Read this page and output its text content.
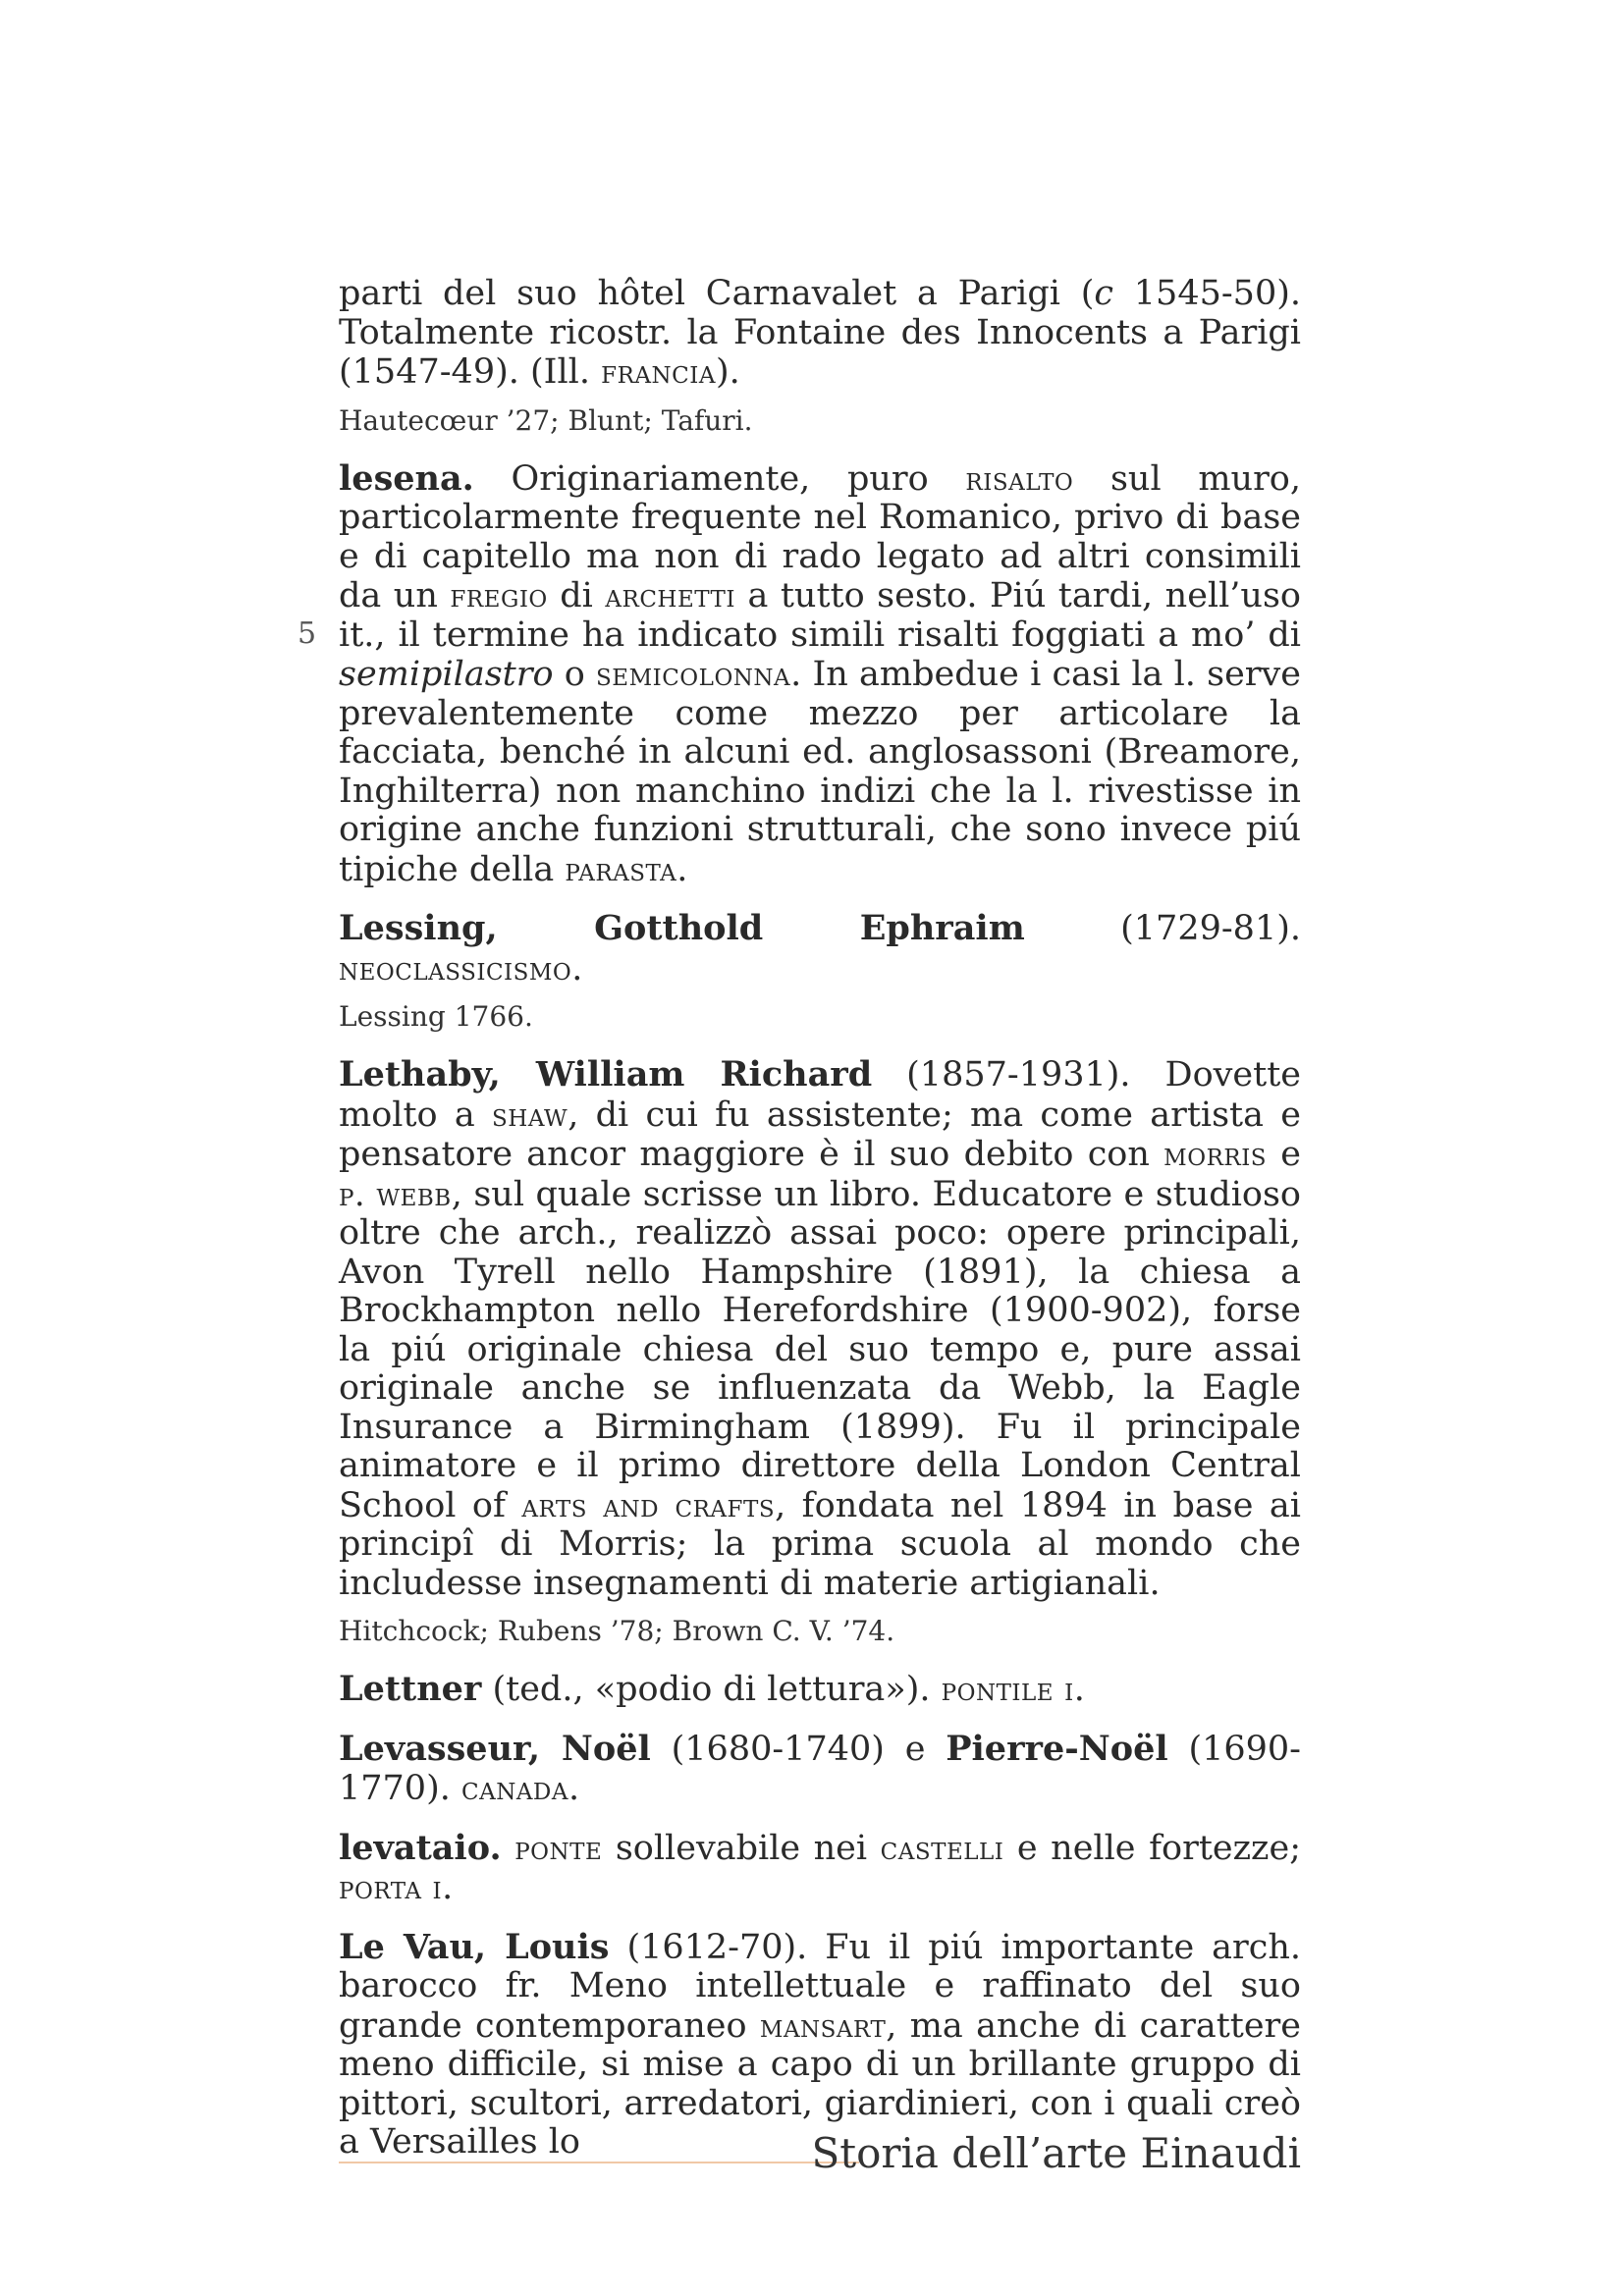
parti del suo hôtel Carnavalet a Parigi (c 1545-50). Totalmente ricostr. la Fontaine des Innocents a Parigi (1547-49). (Ill. francia).

Hautecœur ’27; Blunt; Tafuri.

lesena. Originariamente, puro risalto sul muro, particolarmente frequente nel Romanico, privo di base e di capitello ma non di rado legato ad altri consimili da un fregio di archetti a tutto sesto. Piú tardi, nell’uso it., il termine ha indicato simili risalti foggiati a mo’ di semipilastro o semicolonna. In ambedue i casi la l. serve prevalentemente come mezzo per articolare la facciata, benché in alcuni ed. anglosassoni (Breamore, Inghilterra) non manchino indizi che la l. rivestisse in origine anche funzioni strutturali, che sono invece piú tipiche della parasta.
5

Lessing, Gotthold Ephraim (1729-81). neoclassicismo.

Lessing 1766.

Lethaby, William Richard (1857-1931). Dovette molto a shaw, di cui fu assistente; ma come artista e pensatore ancor maggiore è il suo debito con morris e p. webb, sul quale scrisse un libro. Educatore e studioso oltre che arch., realizzò assai poco: opere principali, Avon Tyrell nello Hampshire (1891), la chiesa a Brockhampton nello Herefordshire (1900-902), forse la piú originale chiesa del suo tempo e, pure assai originale anche se influenzata da Webb, la Eagle Insurance a Birmingham (1899). Fu il principale animatore e il primo direttore della London Central School of arts and crafts, fondata nel 1894 in base ai principî di Morris; la prima scuola al mondo che includesse insegnamenti di materie artigianali.

Hitchcock; Rubens ’78; Brown C. V. ’74.

Lettner (ted., «podio di lettura»). pontile i.

Levasseur, Noël (1680-1740) e Pierre-Noël (1690-1770). canada.

levataio. ponte sollevabile nei castelli e nelle fortezze; porta i.

Le Vau, Louis (1612-70). Fu il piú importante arch. barocco fr. Meno intellettuale e raffinato del suo grande contemporaneo mansart, ma anche di carattere meno difficile, si mise a capo di un brillante gruppo di pittori, scultori, arredatori, giardinieri, con i quali creò a Versailles lo	Storia dell’arte Einaudi
